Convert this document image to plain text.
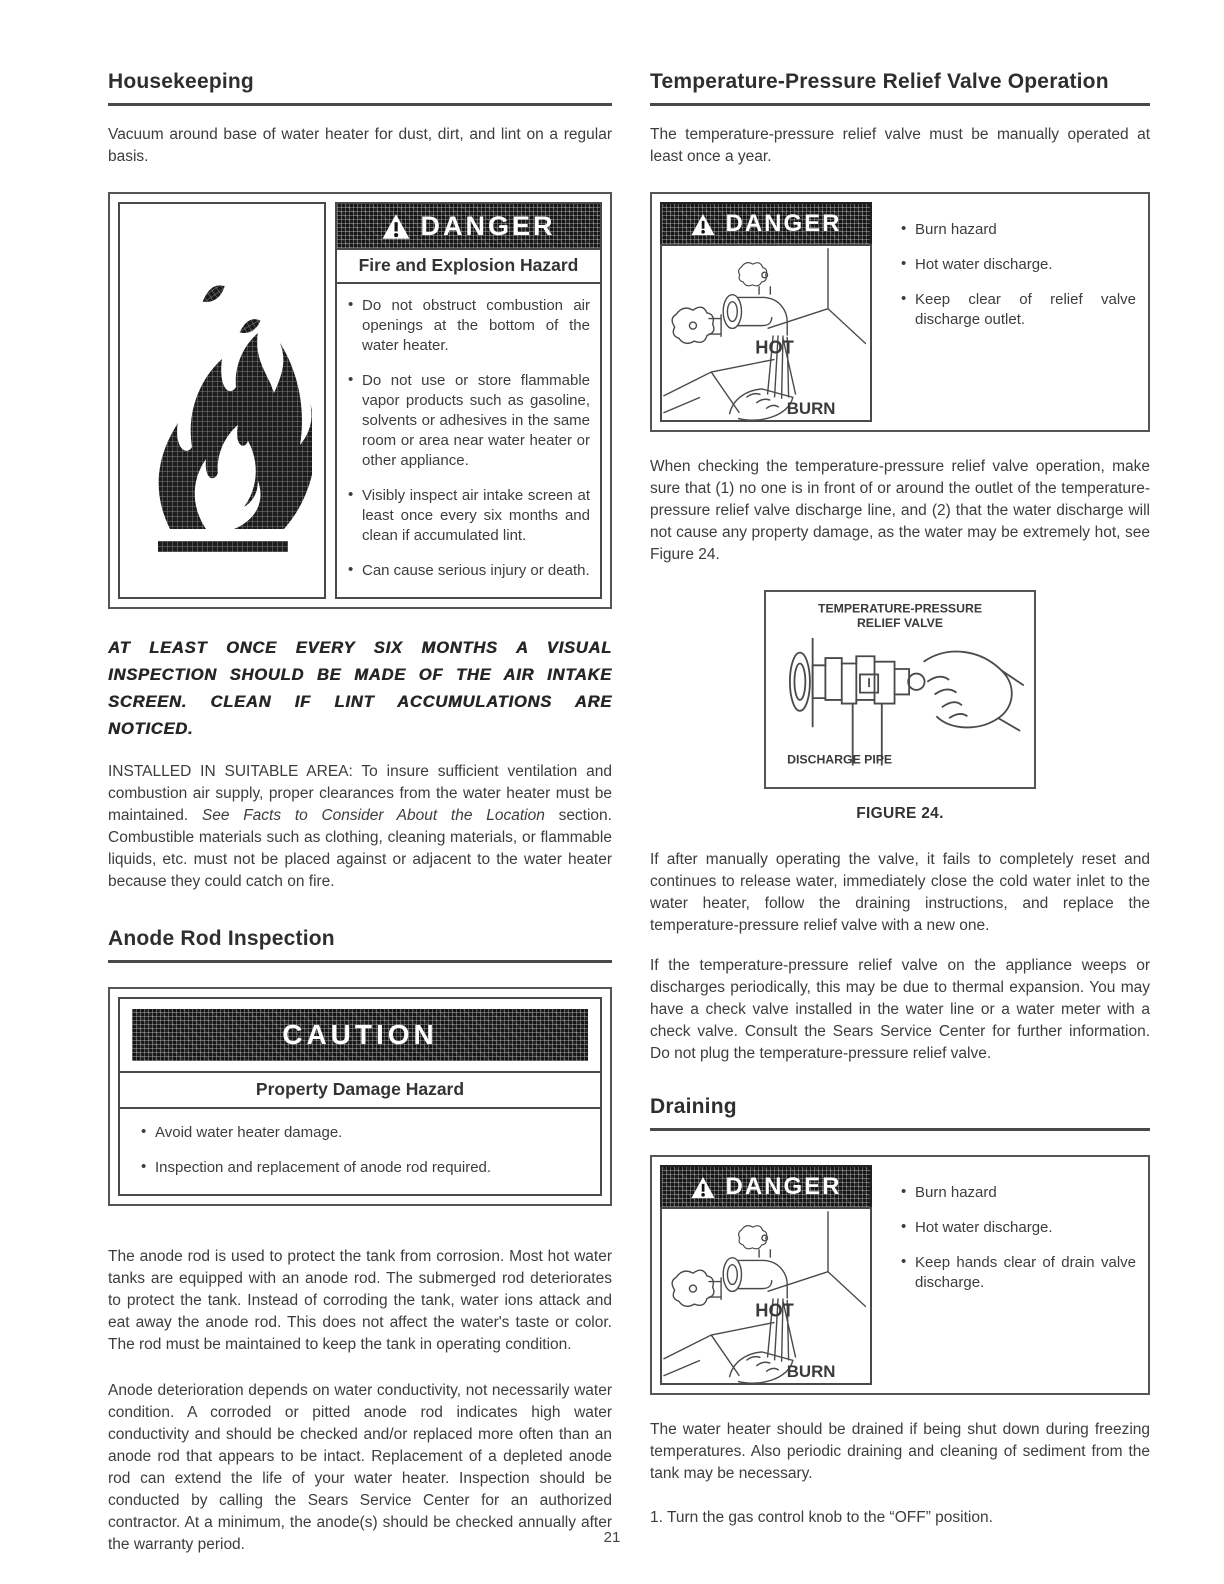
Housekeeping

Vacuum around base of water heater for dust, dirt, and lint on a regular basis.

DANGER
Fire and Explosion Hazard
• Do not obstruct combustion air openings at the bottom of the water heater.
• Do not use or store flammable vapor products such as gasoline, solvents or adhesives in the same room or area near water heater or other appliance.
• Visibly inspect air intake screen at least once every six months and clean if accumulated lint.
• Can cause serious injury or death.

AT LEAST ONCE EVERY SIX MONTHS A VISUAL INSPECTION SHOULD BE MADE OF THE AIR INTAKE SCREEN. CLEAN IF LINT ACCUMULATIONS ARE NOTICED.

INSTALLED IN SUITABLE AREA: To insure sufficient ventilation and combustion air supply, proper clearances from the water heater must be maintained. See Facts to Consider About the Location section. Combustible materials such as clothing, cleaning materials, or flammable liquids, etc. must not be placed against or adjacent to the water heater because they could catch on fire.

Anode Rod Inspection
CAUTION
Property Damage Hazard
• Avoid water heater damage.
• Inspection and replacement of anode rod required.

The anode rod is used to protect the tank from corrosion. Most hot water tanks are equipped with an anode rod. The submerged rod deteriorates to protect the tank. Instead of corroding the tank, water ions attack and eat away the anode rod. This does not affect the water's taste or color. The rod must be maintained to keep the tank in operating condition.

Anode deterioration depends on water conductivity, not necessarily water condition. A corroded or pitted anode rod indicates high water conductivity and should be checked and/or replaced more often than an anode rod that appears to be intact. Replacement of a depleted anode rod can extend the life of your water heater. Inspection should be conducted by calling the Sears Service Center for an authorized contractor. At a minimum, the anode(s) should be checked annually after the warranty period.

Temperature-Pressure Relief Valve Operation

The temperature-pressure relief valve must be manually operated at least once a year.

DANGER
HOT
BURN
• Burn hazard
• Hot water discharge.
• Keep clear of relief valve discharge outlet.

When checking the temperature-pressure relief valve operation, make sure that (1) no one is in front of or around the outlet of the temperature-pressure relief valve discharge line, and (2) that the water discharge will not cause any property damage, as the water may be extremely hot, see Figure 24.

TEMPERATURE-PRESSURE
RELIEF VALVE
DISCHARGE PIPE
FIGURE 24.

If after manually operating the valve, it fails to completely reset and continues to release water, immediately close the cold water inlet to the water heater, follow the draining instructions, and replace the temperature-pressure relief valve with a new one.

If the temperature-pressure relief valve on the appliance weeps or discharges periodically, this may be due to thermal expansion. You may have a check valve installed in the water line or a water meter with a check valve. Consult the Sears Service Center for further information. Do not plug the temperature-pressure relief valve.

Draining
DANGER
HOT
BURN
• Burn hazard
• Hot water discharge.
• Keep hands clear of drain valve discharge.

The water heater should be drained if being shut down during freezing temperatures. Also periodic draining and cleaning of sediment from the tank may be necessary.

1. Turn the gas control knob to the “OFF” position.

21
